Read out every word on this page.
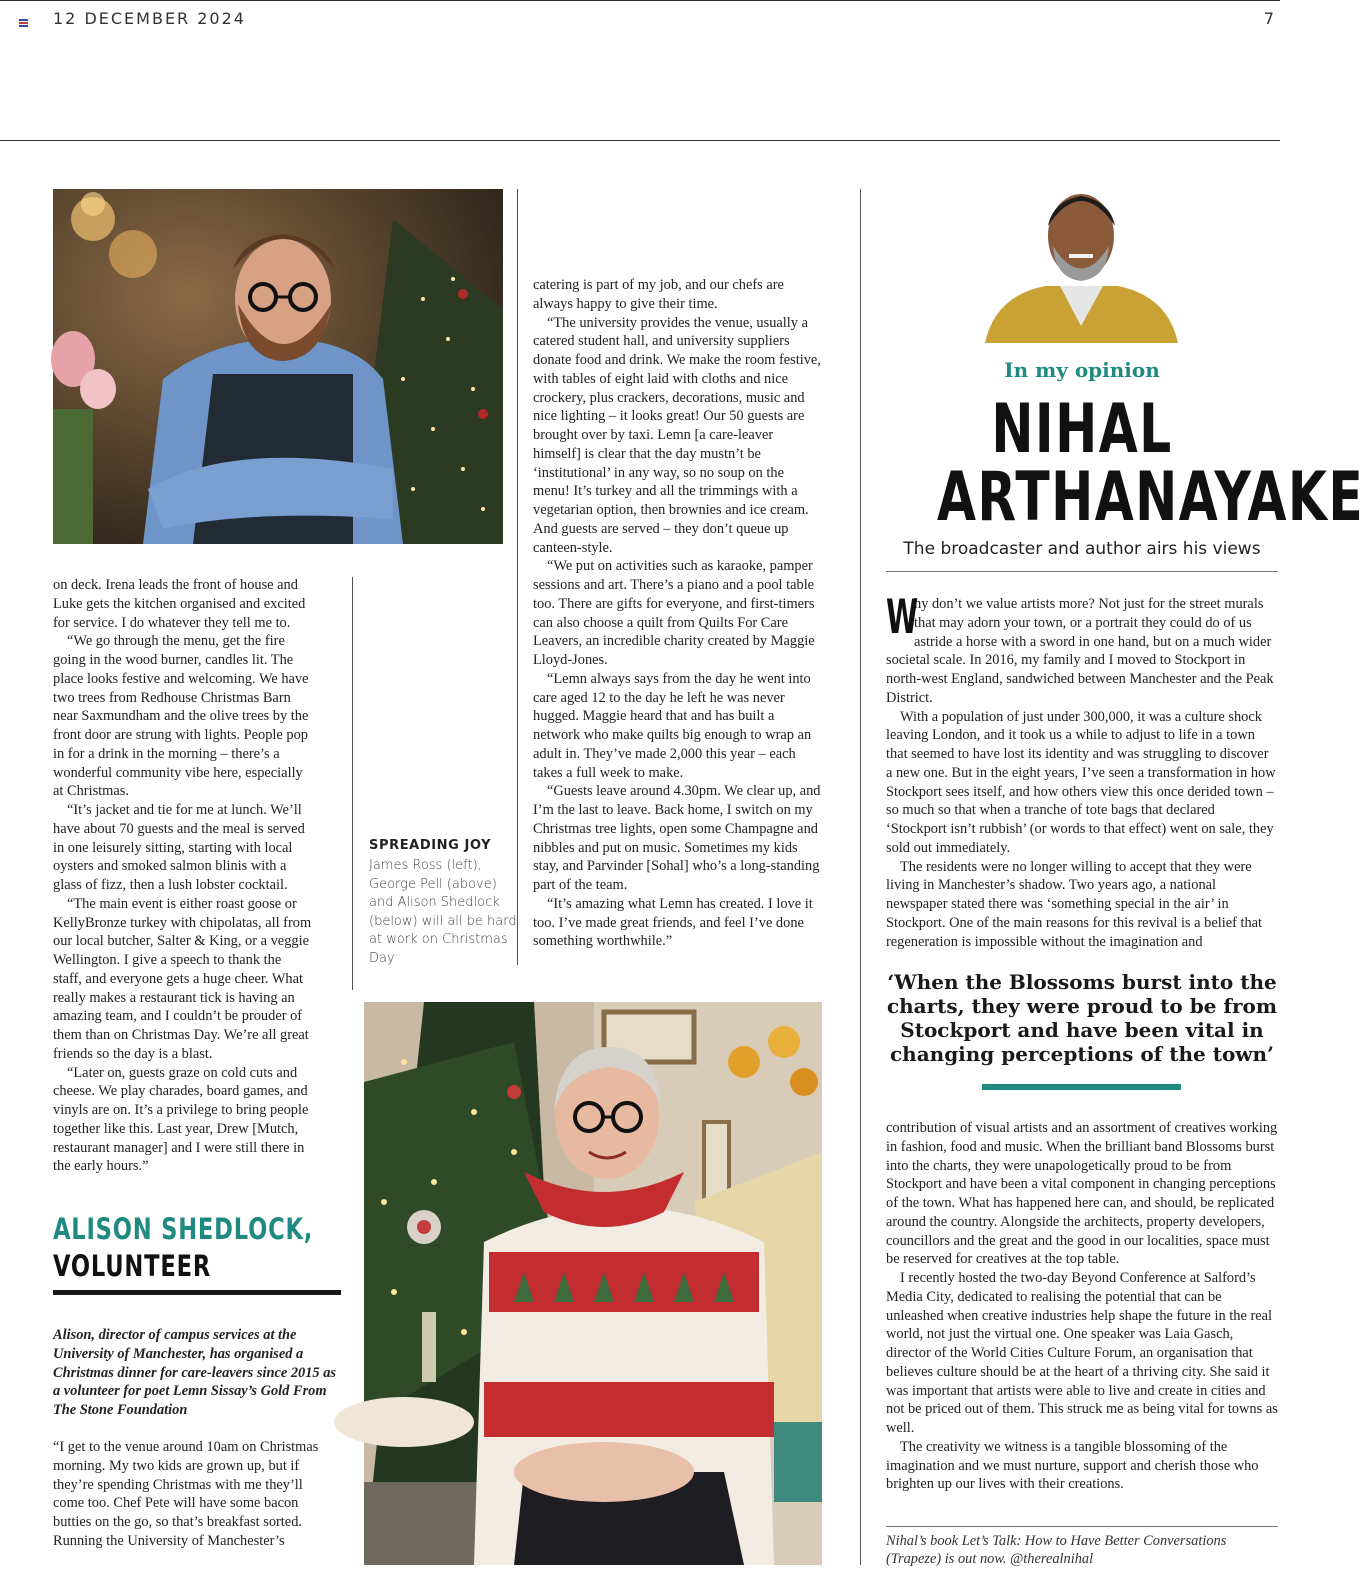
12 DECEMBER 2024	7

on deck. Irena leads the front of house and Luke gets the kitchen organised and excited for service. I do whatever they tell me to.

“We go through the menu, get the fire going in the wood burner, candles lit. The place looks festive and welcoming. We have two trees from Redhouse Christmas Barn near Saxmundham and the olive trees by the front door are strung with lights. People pop in for a drink in the morning – there’s a wonderful community vibe here, especially at Christmas.

“It’s jacket and tie for me at lunch. We’ll have about 70 guests and the meal is served in one leisurely sitting, starting with local oysters and smoked salmon blinis with a glass of fizz, then a lush lobster cocktail.

“The main event is either roast goose or KellyBronze turkey with chipolatas, all from our local butcher, Salter & King, or a veggie Wellington. I give a speech to thank the staff, and everyone gets a huge cheer. What really makes a restaurant tick is having an amazing team, and I couldn’t be prouder of them than on Christmas Day. We’re all great friends so the day is a blast.

“Later on, guests graze on cold cuts and cheese. We play charades, board games, and vinyls are on. It’s a privilege to bring people together like this. Last year, Drew [Mutch, restaurant manager] and I were still there in the early hours.”

ALISON SHEDLOCK,
VOLUNTEER
Alison, director of campus services at the University of Manchester, has organised a Christmas dinner for care-leavers since 2015 as a volunteer for poet Lemn Sissay’s Gold From The Stone Foundation

“I get to the venue around 10am on Christmas morning. My two kids are grown up, but if they’re spending Christmas with me they’ll come too. Chef Pete will have some bacon butties on the go, so that’s breakfast sorted. Running the University of Manchester’s

catering is part of my job, and our chefs are always happy to give their time.

“The university provides the venue, usually a catered student hall, and university suppliers donate food and drink. We make the room festive, with tables of eight laid with cloths and nice crockery, plus crackers, decorations, music and nice lighting – it looks great! Our 50 guests are brought over by taxi. Lemn [a care-leaver himself] is clear that the day mustn’t be ‘institutional’ in any way, so no soup on the menu! It’s turkey and all the trimmings with a vegetarian option, then brownies and ice cream. And guests are served – they don’t queue up canteen-style.

“We put on activities such as karaoke, pamper sessions and art. There’s a piano and a pool table too. There are gifts for everyone, and first-timers can also choose a quilt from Quilts For Care Leavers, an incredible charity created by Maggie Lloyd-Jones.

“Lemn always says from the day he went into care aged 12 to the day he left he was never hugged. Maggie heard that and has built a network who make quilts big enough to wrap an adult in. They’ve made 2,000 this year – each takes a full week to make.

“Guests leave around 4.30pm. We clear up, and I’m the last to leave. Back home, I switch on my Christmas tree lights, open some Champagne and nibbles and put on music. Sometimes my kids stay, and Parvinder [Sohal] who’s a long-standing part of the team.

“It’s amazing what Lemn has created. I love it too. I’ve made great friends, and feel I’ve done something worthwhile.”

SPREADING JOY
James Ross (left), George Pell (above) and Alison Shedlock (below) will all be hard at work on Christmas Day
In my opinion
NIHAL
ARTHANAYAKE
The broadcaster and author airs his views

W
hy don’t we value artists more? Not just for the street murals that may adorn your town, or a portrait they could do of us astride a horse with a sword in one hand, but on a much wider societal scale. In 2016, my family and I moved to Stockport in north-west England, sandwiched between Manchester and the Peak District.

With a population of just under 300,000, it was a culture shock leaving London, and it took us a while to adjust to life in a town that seemed to have lost its identity and was struggling to discover a new one. But in the eight years, I’ve seen a transformation in how Stockport sees itself, and how others view this once derided town – so much so that when a tranche of tote bags that declared ‘Stockport isn’t rubbish’ (or words to that effect) went on sale, they sold out immediately.

The residents were no longer willing to accept that they were living in Manchester’s shadow. Two years ago, a national newspaper stated there was ‘something special in the air’ in Stockport. One of the main reasons for this revival is a belief that regeneration is impossible without the imagination and

‘When the Blossoms burst into the charts, they were proud to be from Stockport and have been vital in changing perceptions of the town’

contribution of visual artists and an assortment of creatives working in fashion, food and music. When the brilliant band Blossoms burst into the charts, they were unapologetically proud to be from Stockport and have been a vital component in changing perceptions of the town. What has happened here can, and should, be replicated around the country. Alongside the architects, property developers, councillors and the great and the good in our localities, space must be reserved for creatives at the top table.

I recently hosted the two-day Beyond Conference at Salford’s Media City, dedicated to realising the potential that can be unleashed when creative industries help shape the future in the real world, not just the virtual one. One speaker was Laia Gasch, director of the World Cities Culture Forum, an organisation that believes culture should be at the heart of a thriving city. She said it was important that artists were able to live and create in cities and not be priced out of them. This struck me as being vital for towns as well.

The creativity we witness is a tangible blossoming of the imagination and we must nurture, support and cherish those who brighten up our lives with their creations.

Nihal’s book Let’s Talk: How to Have Better Conversations (Trapeze) is out now. @therealnihal
